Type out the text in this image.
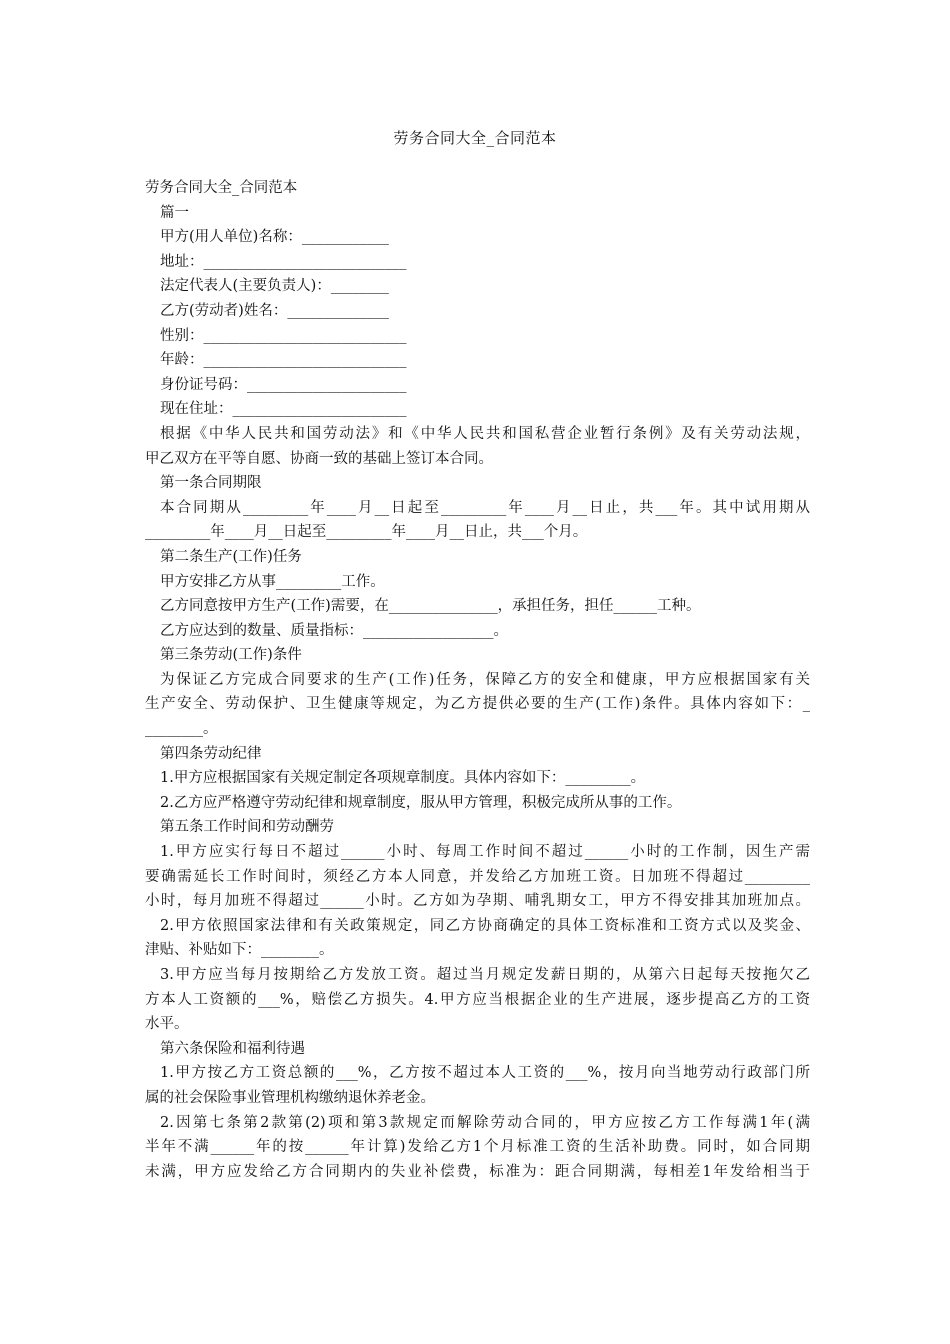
劳务合同大全_合同范本
劳务合同大全_合同范本
篇一
甲方(用人单位)名称：____________
地址：____________________________
法定代表人(主要负责人)：________
乙方(劳动者)姓名：______________
性别：____________________________
年龄：____________________________
身份证号码：______________________
现在住址：________________________
根据《中华人民共和国劳动法》和《中华人民共和国私营企业暂行条例》及有关劳动法规，
甲乙双方在平等自愿、协商一致的基础上签订本合同。
第一条合同期限
本合同期从_________年____月__日起至_________年____月__日止，共___年。其中试用期从
_________年____月__日起至_________年____月__日止，共___个月。
第二条生产(工作)任务
甲方安排乙方从事_________工作。
乙方同意按甲方生产(工作)需要，在_______________，承担任务，担任______工种。
乙方应达到的数量、质量指标：__________________。
第三条劳动(工作)条件
为保证乙方完成合同要求的生产(工作)任务，保障乙方的安全和健康，甲方应根据国家有关
生产安全、劳动保护、卫生健康等规定，为乙方提供必要的生产(工作)条件。具体内容如下：_
________。
第四条劳动纪律
1.甲方应根据国家有关规定制定各项规章制度。具体内容如下：_________。
2.乙方应严格遵守劳动纪律和规章制度，服从甲方管理，积极完成所从事的工作。
第五条工作时间和劳动酬劳
1.甲方应实行每日不超过______小时、每周工作时间不超过______小时的工作制，因生产需
要确需延长工作时间时，须经乙方本人同意，并发给乙方加班工资。日加班不得超过_________
小时，每月加班不得超过______小时。乙方如为孕期、哺乳期女工，甲方不得安排其加班加点。
2.甲方依照国家法律和有关政策规定，同乙方协商确定的具体工资标准和工资方式以及奖金、
津贴、补贴如下：________。
3.甲方应当每月按期给乙方发放工资。超过当月规定发薪日期的，从第六日起每天按拖欠乙
方本人工资额的___%，赔偿乙方损失。4.甲方应当根据企业的生产进展，逐步提高乙方的工资
水平。
第六条保险和福利待遇
1.甲方按乙方工资总额的___%，乙方按不超过本人工资的___%，按月向当地劳动行政部门所
属的社会保险事业管理机构缴纳退休养老金。
2.因第七条第2款第(2)项和第3款规定而解除劳动合同的，甲方应按乙方工作每满1年(满
半年不满______年的按______年计算)发给乙方1个月标准工资的生活补助费。同时，如合同期
未满，甲方应发给乙方合同期内的失业补偿费，标准为：距合同期满，每相差1年发给相当于
